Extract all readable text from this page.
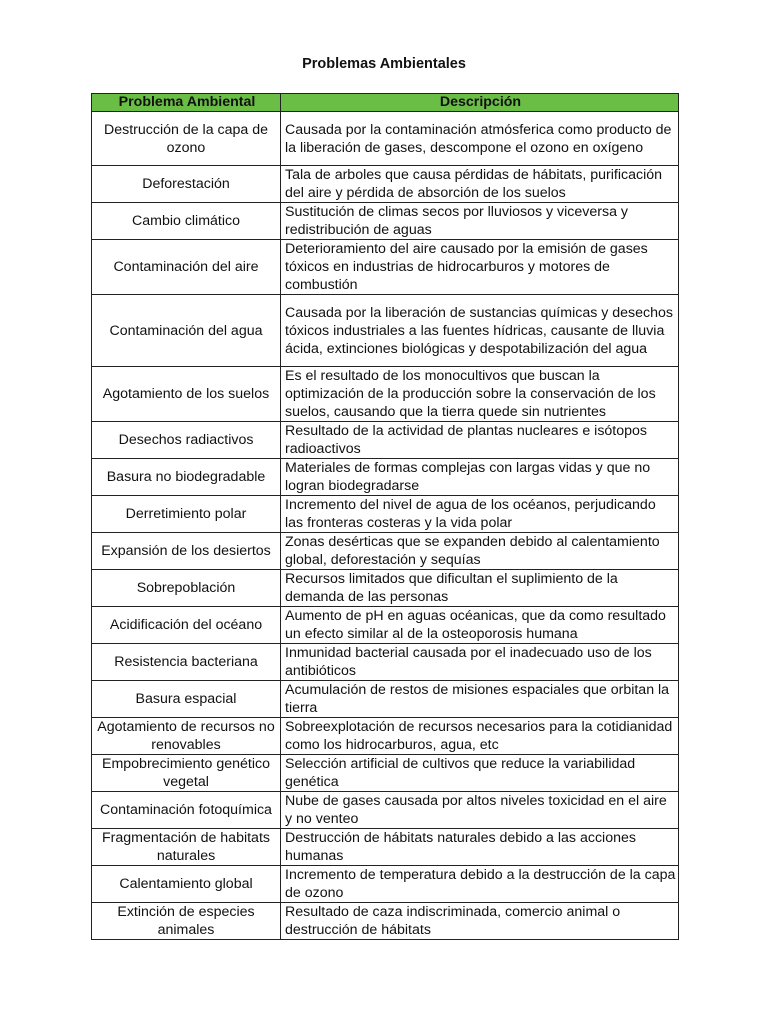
Problemas Ambientales
Problema Ambiental	Descripción
Destrucción de la capa de ozono	Causada por la contaminación atmósferica como producto de la liberación de gases, descompone el ozono en oxígeno
Deforestación	Tala de arboles que causa pérdidas de hábitats, purificación del aire y pérdida de absorción de los suelos
Cambio climático	Sustitución de climas secos por lluviosos y viceversa y redistribución de aguas
Contaminación del aire	Deterioramiento del aire causado por la emisión de gases tóxicos en industrias de hidrocarburos y motores de combustión
Contaminación del agua	Causada por la liberación de sustancias químicas y desechos tóxicos industriales a las fuentes hídricas, causante de lluvia ácida, extinciones biológicas y despotabilización del agua
Agotamiento de los suelos	Es el resultado de los monocultivos que buscan la optimización de la producción sobre la conservación de los suelos, causando que la tierra quede sin nutrientes
Desechos radiactivos	Resultado de la actividad de plantas nucleares e isótopos radioactivos
Basura no biodegradable	Materiales de formas complejas con largas vidas y que no logran biodegradarse
Derretimiento polar	Incremento del nivel de agua de los océanos, perjudicando las fronteras costeras y la vida polar
Expansión de los desiertos	Zonas desérticas que se expanden debido al calentamiento global, deforestación y sequías
Sobrepoblación	Recursos limitados que dificultan el suplimiento de la demanda de las personas
Acidificación del océano	Aumento de pH en aguas océanicas, que da como resultado un efecto similar al de la osteoporosis humana
Resistencia bacteriana	Inmunidad bacterial causada por el inadecuado uso de los antibióticos
Basura espacial	Acumulación de restos de misiones espaciales que orbitan la tierra
Agotamiento de recursos no renovables	Sobreexplotación de recursos necesarios para la cotidianidad como los hidrocarburos, agua, etc
Empobrecimiento genético vegetal	Selección artificial de cultivos que reduce la variabilidad genética
Contaminación fotoquímica	Nube de gases causada por altos niveles toxicidad en el aire y no venteo
Fragmentación de habitats naturales	Destrucción de hábitats naturales debido a las acciones humanas
Calentamiento global	Incremento de temperatura debido a la destrucción de la capa de ozono
Extinción de especies animales	Resultado de caza indiscriminada, comercio animal o destrucción de hábitats
